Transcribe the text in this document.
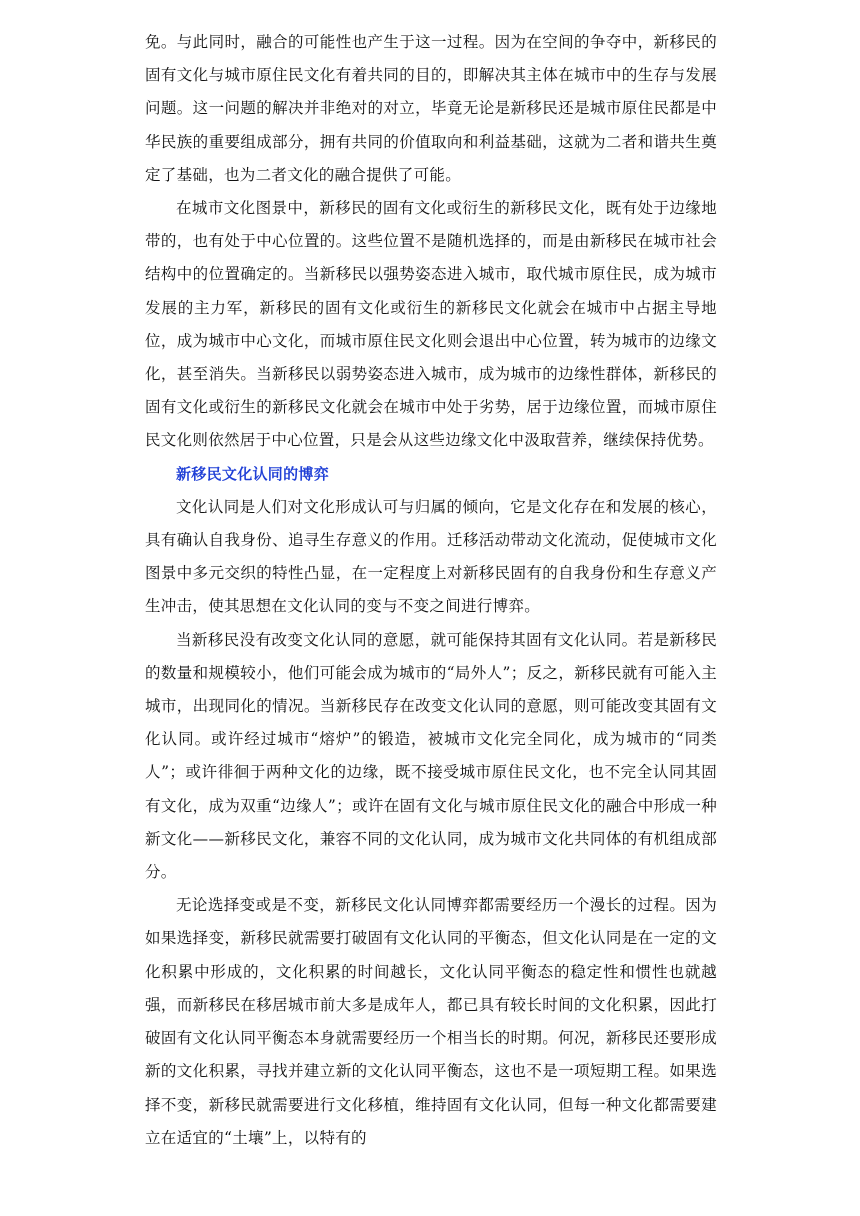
免。与此同时，融合的可能性也产生于这一过程。因为在空间的争夺中，新移民的固有文化与城市原住民文化有着共同的目的，即解决其主体在城市中的生存与发展问题。这一问题的解决并非绝对的对立，毕竟无论是新移民还是城市原住民都是中华民族的重要组成部分，拥有共同的价值取向和利益基础，这就为二者和谐共生奠定了基础，也为二者文化的融合提供了可能。

在城市文化图景中，新移民的固有文化或衍生的新移民文化，既有处于边缘地带的，也有处于中心位置的。这些位置不是随机选择的，而是由新移民在城市社会结构中的位置确定的。当新移民以强势姿态进入城市，取代城市原住民，成为城市发展的主力军，新移民的固有文化或衍生的新移民文化就会在城市中占据主导地位，成为城市中心文化，而城市原住民文化则会退出中心位置，转为城市的边缘文化，甚至消失。当新移民以弱势姿态进入城市，成为城市的边缘性群体，新移民的固有文化或衍生的新移民文化就会在城市中处于劣势，居于边缘位置，而城市原住民文化则依然居于中心位置，只是会从这些边缘文化中汲取营养，继续保持优势。

新移民文化认同的博弈

文化认同是人们对文化形成认可与归属的倾向，它是文化存在和发展的核心，具有确认自我身份、追寻生存意义的作用。迁移活动带动文化流动，促使城市文化图景中多元交织的特性凸显，在一定程度上对新移民固有的自我身份和生存意义产生冲击，使其思想在文化认同的变与不变之间进行博弈。

当新移民没有改变文化认同的意愿，就可能保持其固有文化认同。若是新移民的数量和规模较小，他们可能会成为城市的“局外人”；反之，新移民就有可能入主城市，出现同化的情况。当新移民存在改变文化认同的意愿，则可能改变其固有文化认同。或许经过城市“熔炉”的锻造，被城市文化完全同化，成为城市的“同类人”；或许徘徊于两种文化的边缘，既不接受城市原住民文化，也不完全认同其固有文化，成为双重“边缘人”；或许在固有文化与城市原住民文化的融合中形成一种新文化——新移民文化，兼容不同的文化认同，成为城市文化共同体的有机组成部分。

无论选择变或是不变，新移民文化认同博弈都需要经历一个漫长的过程。因为如果选择变，新移民就需要打破固有文化认同的平衡态，但文化认同是在一定的文化积累中形成的，文化积累的时间越长，文化认同平衡态的稳定性和惯性也就越强，而新移民在移居城市前大多是成年人，都已具有较长时间的文化积累，因此打破固有文化认同平衡态本身就需要经历一个相当长的时期。何况，新移民还要形成新的文化积累，寻找并建立新的文化认同平衡态，这也不是一项短期工程。如果选择不变，新移民就需要进行文化移植，维持固有文化认同，但每一种文化都需要建立在适宜的“土壤”上，以特有的
